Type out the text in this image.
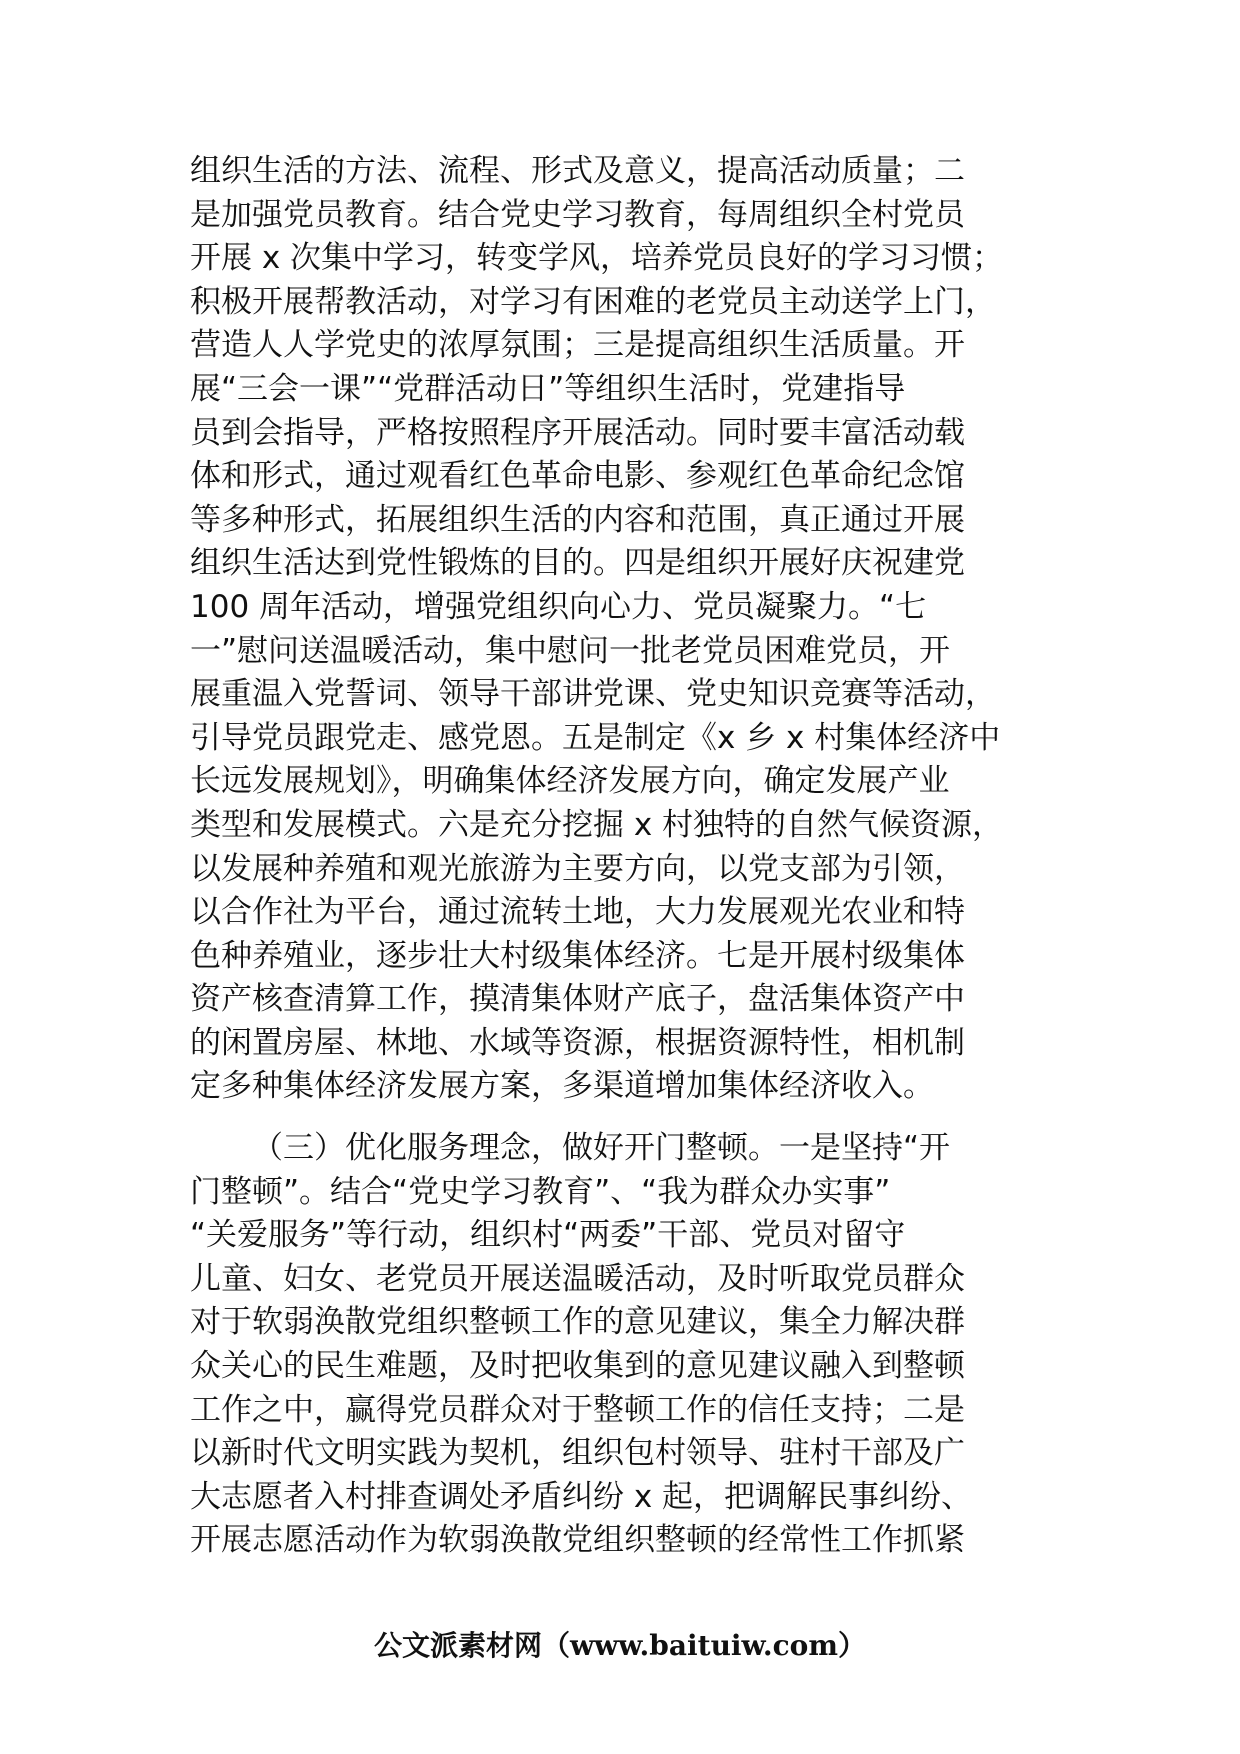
组织生活的方法、流程、形式及意义，提高活动质量；二
是加强党员教育。结合党史学习教育，每周组织全村党员
开展 x 次集中学习，转变学风，培养党员良好的学习习惯；
积极开展帮教活动，对学习有困难的老党员主动送学上门，
营造人人学党史的浓厚氛围；三是提高组织生活质量。开
展“三会一课”“党群活动日”等组织生活时，党建指导
员到会指导，严格按照程序开展活动。同时要丰富活动载
体和形式，通过观看红色革命电影、参观红色革命纪念馆
等多种形式，拓展组织生活的内容和范围，真正通过开展
组织生活达到党性锻炼的目的。四是组织开展好庆祝建党
100 周年活动，增强党组织向心力、党员凝聚力。“七
一”慰问送温暖活动，集中慰问一批老党员困难党员，开
展重温入党誓词、领导干部讲党课、党史知识竞赛等活动，
引导党员跟党走、感党恩。五是制定《x 乡 x 村集体经济中
长远发展规划》，明确集体经济发展方向，确定发展产业
类型和发展模式。六是充分挖掘 x 村独特的自然气候资源，
以发展种养殖和观光旅游为主要方向，以党支部为引领，
以合作社为平台，通过流转土地，大力发展观光农业和特
色种养殖业，逐步壮大村级集体经济。七是开展村级集体
资产核查清算工作，摸清集体财产底子，盘活集体资产中
的闲置房屋、林地、水域等资源，根据资源特性，相机制
定多种集体经济发展方案，多渠道增加集体经济收入。

（三）优化服务理念，做好开门整顿。一是坚持“开
门整顿”。结合“党史学习教育”、“我为群众办实事”
“关爱服务”等行动，组织村“两委”干部、党员对留守
儿童、妇女、老党员开展送温暖活动，及时听取党员群众
对于软弱涣散党组织整顿工作的意见建议，集全力解决群
众关心的民生难题，及时把收集到的意见建议融入到整顿
工作之中，赢得党员群众对于整顿工作的信任支持；二是
以新时代文明实践为契机，组织包村领导、驻村干部及广
大志愿者入村排查调处矛盾纠纷 x 起，把调解民事纠纷、
开展志愿活动作为软弱涣散党组织整顿的经常性工作抓紧

公文派素材网（www.baituiw.com）
